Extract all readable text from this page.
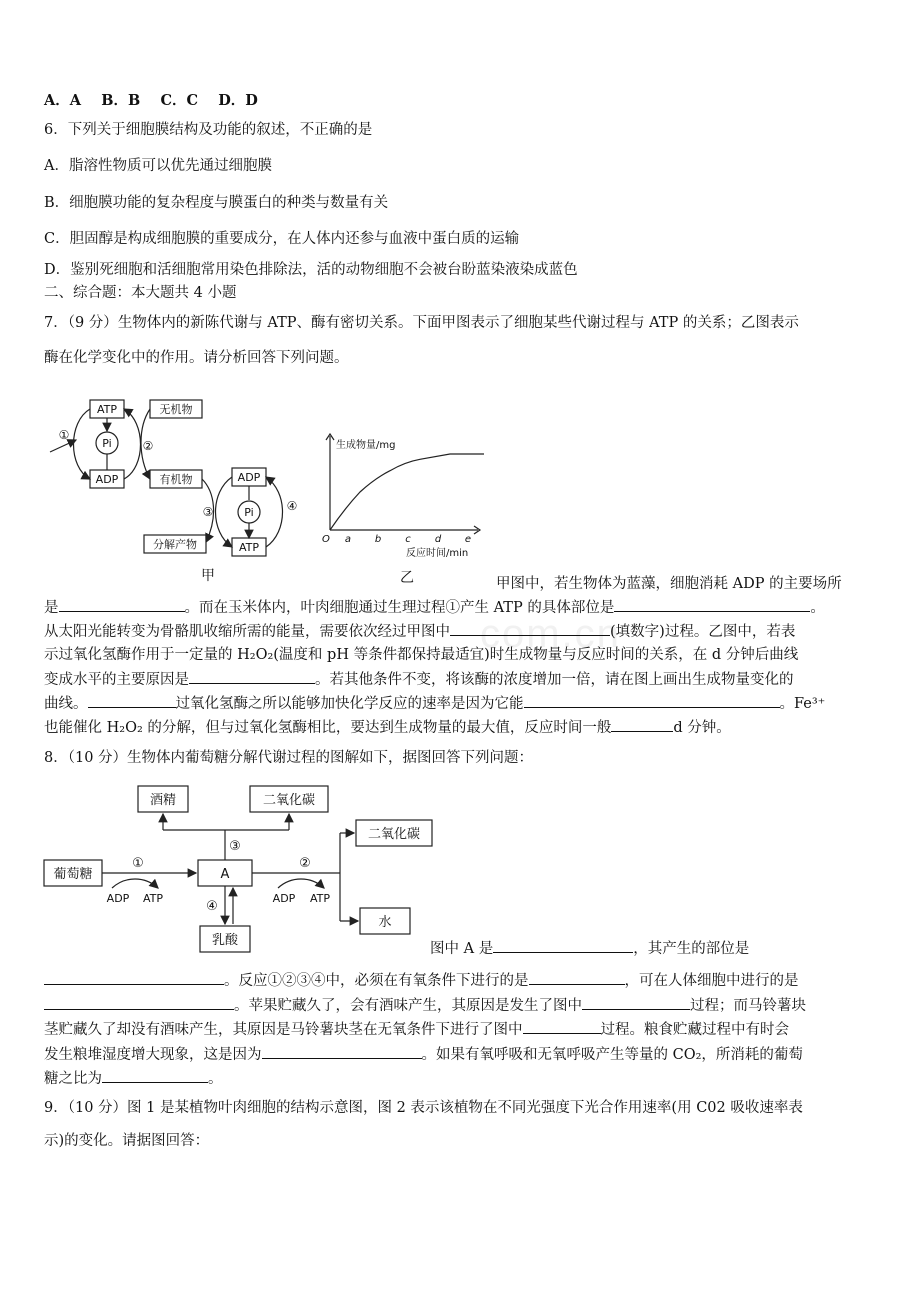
com.cn
A．A B．B C．C D．D
6．下列关于细胞膜结构及功能的叙述，不正确的是
A．脂溶性物质可以优先通过细胞膜
B．细胞膜功能的复杂程度与膜蛋白的种类与数量有关
C．胆固醇是构成细胞膜的重要成分，在人体内还参与血液中蛋白质的运输
D．鉴别死细胞和活细胞常用染色排除法，活的动物细胞不会被台盼蓝染液染成蓝色
二、综合题：本大题共 4 小题
7．（9 分）生物体内的新陈代谢与 ATP、酶有密切关系。下面甲图表示了细胞某些代谢过程与 ATP 的关系；乙图表示
酶在化学变化中的作用。请分析回答下列问题。
ATP
ADP
Pi
无机物
有机物	ADP
ATP
Pi
分解产物
①
②
③	④
甲
生成物量/mg
O a b c d e
反应时间/min
乙	甲图中，若生物体为蓝藻，细胞消耗 ADP 的主要场所
是	。而在玉米体内，叶肉细胞通过生理过程①产生 ATP 的具体部位是	。
从太阳光能转变为骨骼肌收缩所需的能量，需要依次经过甲图中	(填数字)过程。乙图中，若表
示过氧化氢酶作用于一定量的 H₂O₂(温度和 pH 等条件都保持最适宜)时生成物量与反应时间的关系，在 d 分钟后曲线
变成水平的主要原因是	。若其他条件不变，将该酶的浓度增加一倍，请在图上画出生成物量变化的
曲线。	过氧化氢酶之所以能够加快化学反应的速率是因为它能	。Fe³⁺
也能催化 H₂O₂ 的分解，但与过氧化氢酶相比，要达到生成物量的最大值，反应时间一般	d 分钟。
8．（10 分）生物体内葡萄糖分解代谢过程的图解如下，据图回答下列问题：
酒精	二氧化碳
葡萄糖	A
二氧化碳
水
乳酸
①	②
③
④
ADP ATP	ADP ATP
图中 A 是	，其产生的部位是
。反应①②③④中，必须在有氧条件下进行的是	，可在人体细胞中进行的是
。苹果贮藏久了，会有酒味产生，其原因是发生了图中	过程；而马铃薯块
茎贮藏久了却没有酒味产生，其原因是马铃薯块茎在无氧条件下进行了图中	过程。粮食贮藏过程中有时会
发生粮堆湿度增大现象，这是因为	。如果有氧呼吸和无氧呼吸产生等量的 CO₂，所消耗的葡萄
糖之比为	。
9．（10 分）图 1 是某植物叶肉细胞的结构示意图，图 2 表示该植物在不同光强度下光合作用速率(用 C02 吸收速率表
示)的变化。请据图回答：
